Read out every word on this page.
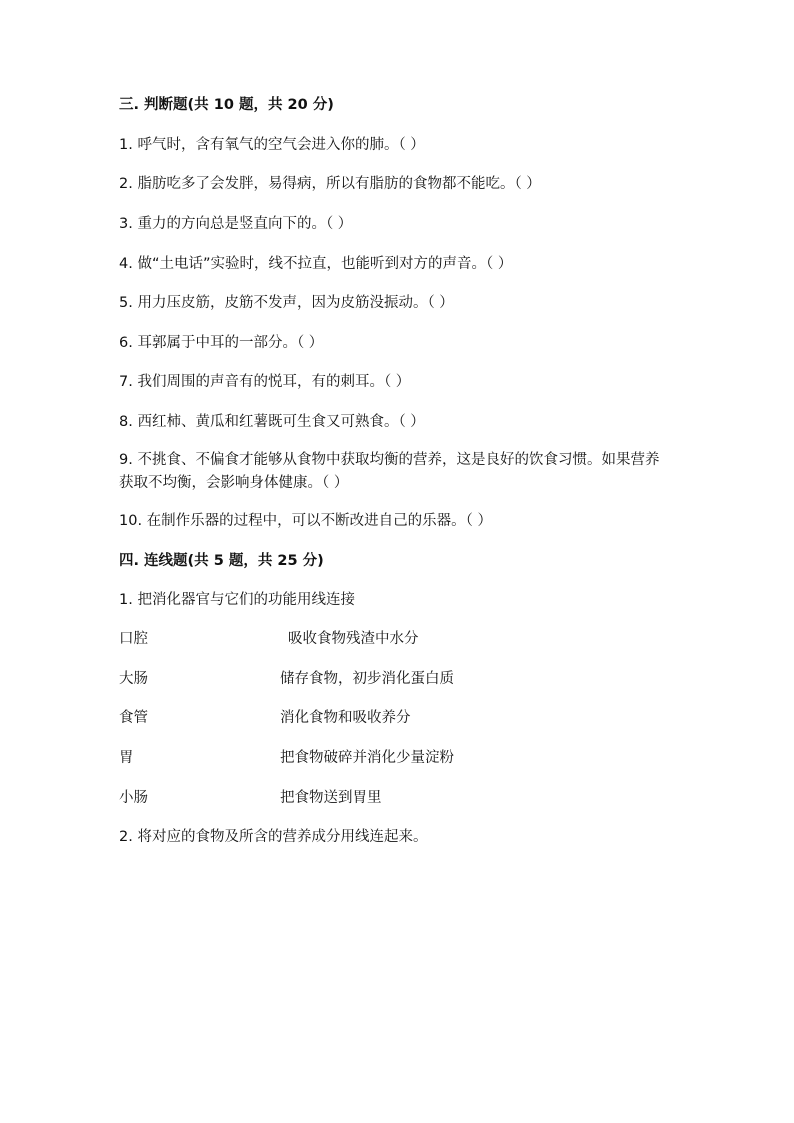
三. 判断题(共 10 题，共 20 分)
1. 呼气时，含有氧气的空气会进入你的肺。（ ）
2. 脂肪吃多了会发胖，易得病，所以有脂肪的食物都不能吃。（ ）
3. 重力的方向总是竖直向下的。（ ）
4. 做“土电话”实验时，线不拉直，也能听到对方的声音。（ ）
5. 用力压皮筋，皮筋不发声，因为皮筋没振动。（ ）
6. 耳郭属于中耳的一部分。（ ）
7. 我们周围的声音有的悦耳，有的刺耳。（ ）
8. 西红柿、黄瓜和红薯既可生食又可熟食。（ ）
9. 不挑食、不偏食才能够从食物中获取均衡的营养，这是良好的饮食习惯。如果营养获取不均衡，会影响身体健康。（ ）
10. 在制作乐器的过程中，可以不断改进自己的乐器。（ ）
四. 连线题(共 5 题，共 25 分)
1. 把消化器官与它们的功能用线连接
口腔	吸收食物残渣中水分
大肠	储存食物，初步消化蛋白质
食管	消化食物和吸收养分
胃	把食物破碎并消化少量淀粉
小肠	把食物送到胃里
2. 将对应的食物及所含的营养成分用线连起来。
